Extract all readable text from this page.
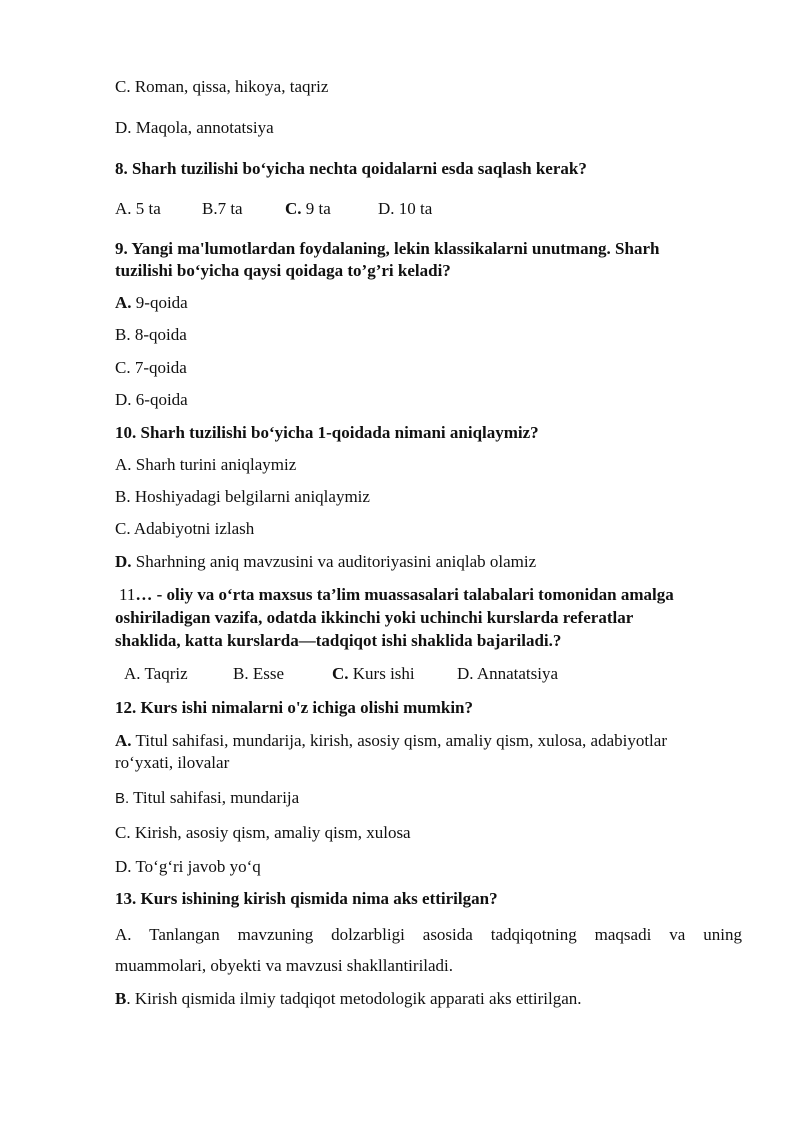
C. Roman, qissa, hikoya, taqriz
D. Maqola, annotatsiya
8. Sharh tuzilishi bo‘yicha nechta qoidalarni esda saqlash kerak?
A. 5 ta B.7 ta C. 9 ta	D. 10 ta
9. Yangi ma'lumotlardan foydalaning, lekin klassikalarni unutmang. Sharh
tuzilishi bo‘yicha qaysi qoidaga to’g’ri keladi?
A. 9-qoida
B. 8-qoida
C. 7-qoida
D. 6-qoida
10. Sharh tuzilishi bo‘yicha 1-qoidada nimani aniqlaymiz?
A. Sharh turini aniqlaymiz
B. Hoshiyadagi belgilarni aniqlaymiz
C. Adabiyotni izlash
D. Sharhning aniq mavzusini va auditoriyasini aniqlab olamiz
11… - oliy va o‘rta maxsus ta’lim muassasalari talabalari tomonidan amalga
oshiriladigan vazifa, odatda ikkinchi yoki uchinchi kurslarda referatlar
shaklida, katta kurslarda—tadqiqot ishi shaklida bajariladi.?
A. Taqriz	B. Esse	C. Kurs ishi D. Annatatsiya
12. Kurs ishi nimalarni o'z ichiga olishi mumkin?
A. Titul sahifasi, mundarija, kirish, asosiy qism, amaliy qism, xulosa, adabiyotlar
ro‘yxati, ilovalar
B. Titul sahifasi, mundarija
C. Kirish, asosiy qism, amaliy qism, xulosa
D. To‘g‘ri javob yo‘q
13. Kurs ishining kirish qismida nima aks ettirilgan?
A. Tanlangan mavzuning dolzarbligi asosida tadqiqotning maqsadi va uning
muammolari, obyekti va mavzusi shakllantiriladi.
B. Kirish qismida ilmiy tadqiqot metodologik apparati aks ettirilgan.
